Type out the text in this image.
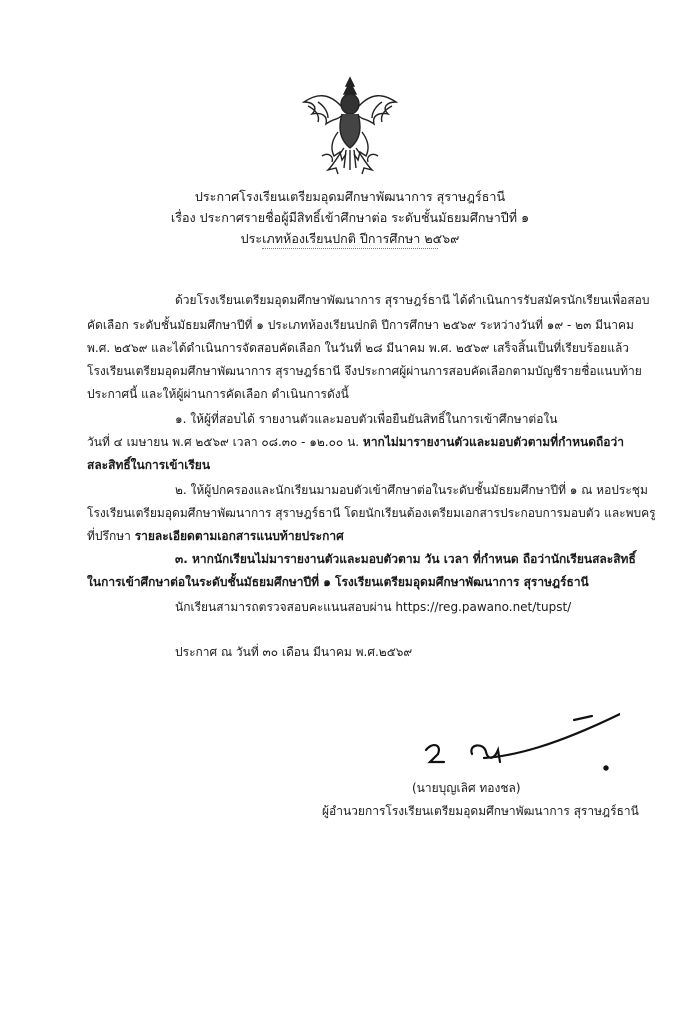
ประกาศโรงเรียนเตรียมอุดมศึกษาพัฒนาการ สุราษฎร์ธานี
เรื่อง ประกาศรายชื่อผู้มีสิทธิ์เข้าศึกษาต่อ ระดับชั้นมัธยมศึกษาปีที่ ๑
ประเภทห้องเรียนปกติ ปีการศึกษา ๒๕๖๙
ด้วยโรงเรียนเตรียมอุดมศึกษาพัฒนาการ สุราษฎร์ธานี ได้ดำเนินการรับสมัครนักเรียนเพื่อสอบ
คัดเลือก ระดับชั้นมัธยมศึกษาปีที่ ๑ ประเภทห้องเรียนปกติ ปีการศึกษา ๒๕๖๙ ระหว่างวันที่ ๑๙ - ๒๓ มีนาคม
พ.ศ. ๒๕๖๙ และได้ดำเนินการจัดสอบคัดเลือก ในวันที่ ๒๘ มีนาคม พ.ศ. ๒๕๖๙ เสร็จสิ้นเป็นที่เรียบร้อยแล้ว
โรงเรียนเตรียมอุดมศึกษาพัฒนาการ สุราษฎร์ธานี จึงประกาศผู้ผ่านการสอบคัดเลือกตามบัญชีรายชื่อแนบท้าย
ประกาศนี้ และให้ผู้ผ่านการคัดเลือก ดำเนินการดังนี้
๑. ให้ผู้ที่สอบได้ รายงานตัวและมอบตัวเพื่อยืนยันสิทธิ์ในการเข้าศึกษาต่อใน
วันที่ ๔ เมษายน พ.ศ ๒๕๖๙ เวลา ๐๘.๓๐ - ๑๒.๐๐ น. หากไม่มารายงานตัวและมอบตัวตามที่กำหนดถือว่า
สละสิทธิ์ในการเข้าเรียน
๒. ให้ผู้ปกครองและนักเรียนมามอบตัวเข้าศึกษาต่อในระดับชั้นมัธยมศึกษาปีที่ ๑ ณ หอประชุม
โรงเรียนเตรียมอุดมศึกษาพัฒนาการ สุราษฎร์ธานี โดยนักเรียนต้องเตรียมเอกสารประกอบการมอบตัว และพบครู
ที่ปรึกษา รายละเอียดตามเอกสารแนบท้ายประกาศ
๓. หากนักเรียนไม่มารายงานตัวและมอบตัวตาม วัน เวลา ที่กำหนด ถือว่านักเรียนสละสิทธิ์
ในการเข้าศึกษาต่อในระดับชั้นมัธยมศึกษาปีที่ ๑ โรงเรียนเตรียมอุดมศึกษาพัฒนาการ สุราษฎร์ธานี
นักเรียนสามารถตรวจสอบคะแนนสอบผ่าน https://reg.pawano.net/tupst/
ประกาศ ณ วันที่ ๓๐ เดือน มีนาคม พ.ศ.๒๕๖๙
(นายบุญเลิศ ทองชล)
ผู้อำนวยการโรงเรียนเตรียมอุดมศึกษาพัฒนาการ สุราษฎร์ธานี
